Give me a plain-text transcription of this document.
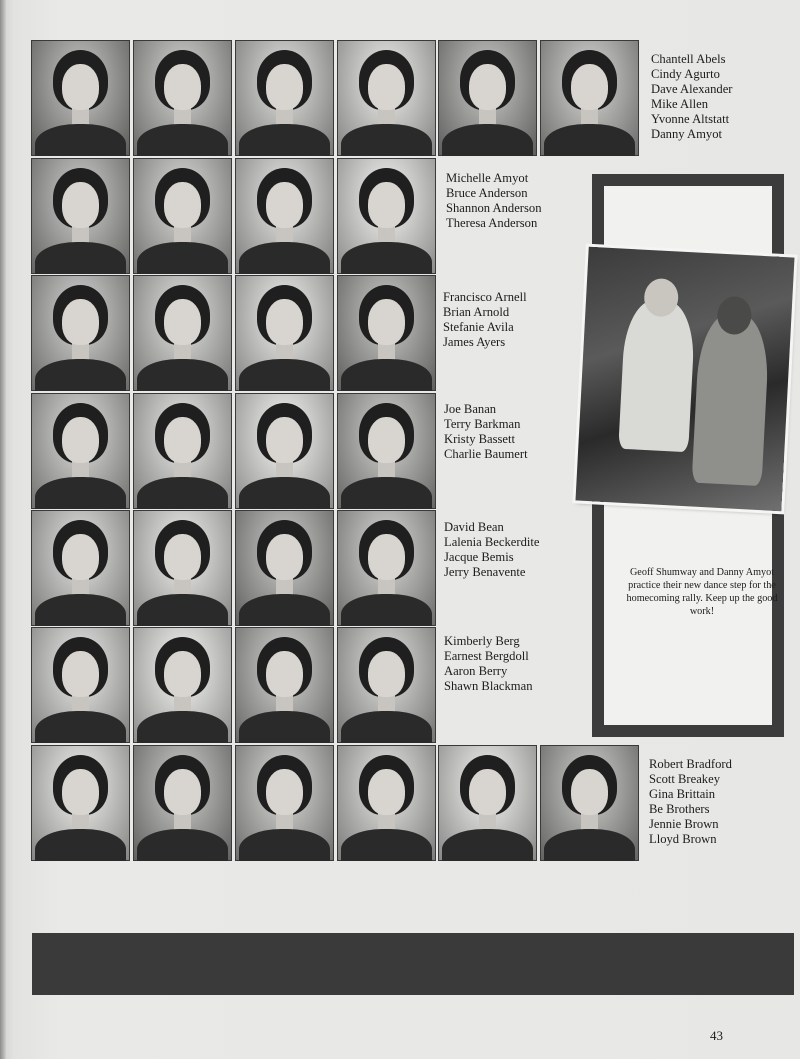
Chantell Abels
Cindy Agurto
Dave Alexander
Mike Allen
Yvonne Altstatt
Danny Amyot
Michelle Amyot
Bruce Anderson
Shannon Anderson
Theresa Anderson
Francisco Arnell
Brian Arnold
Stefanie Avila
James Ayers
Joe Banan
Terry Barkman
Kristy Bassett
Charlie Baumert
David Bean
Lalenia Beckerdite
Jacque Bemis
Jerry Benavente
Kimberly Berg
Earnest Bergdoll
Aaron Berry
Shawn Blackman
Robert Bradford
Scott Breakey
Gina Brittain
Be Brothers
Jennie Brown
Lloyd Brown

Geoff Shumway and Danny Amyot practice their new dance step for the homecoming rally. Keep up the good work!

43
